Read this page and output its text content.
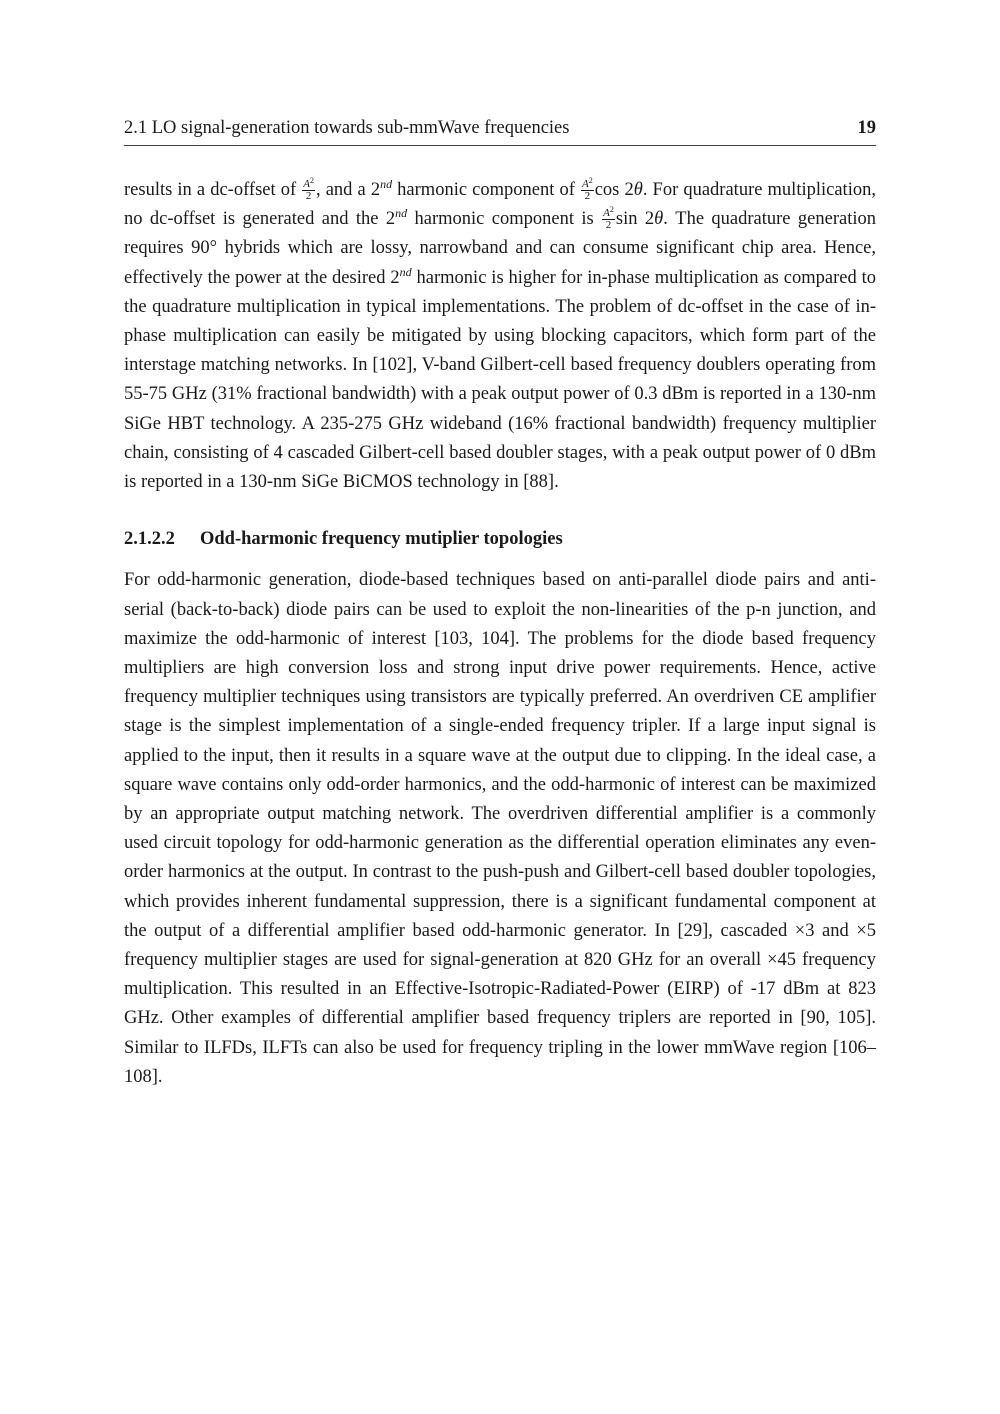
2.1 LO signal-generation towards sub-mmWave frequencies	19

results in a dc-offset of $\frac{A^2}{2}$ , and a 2nd harmonic component of $\frac{A^2}{2}$ cos 2θ. For quadrature multiplication, no dc-offset is generated and the 2nd harmonic component is $\frac{A^2}{2}$ sin 2θ. The quadrature generation requires 90° hybrids which are lossy, narrowband and can consume significant chip area. Hence, effectively the power at the desired 2nd harmonic is higher for in-phase multiplication as compared to the quadrature multiplication in typical implementations. The problem of dc-offset in the case of in-phase multiplication can easily be mitigated by using blocking capacitors, which form part of the interstage matching networks. In [102], V-band Gilbert-cell based frequency doublers operating from 55-75 GHz (31% fractional bandwidth) with a peak output power of 0.3 dBm is reported in a 130-nm SiGe HBT technology. A 235-275 GHz wideband (16% fractional bandwidth) frequency multiplier chain, consisting of 4 cascaded Gilbert-cell based doubler stages, with a peak output power of 0 dBm is reported in a 130-nm SiGe BiCMOS technology in [88].

2.1.2.2 Odd-harmonic frequency mutiplier topologies

For odd-harmonic generation, diode-based techniques based on anti-parallel diode pairs and anti-serial (back-to-back) diode pairs can be used to exploit the non-linearities of the p-n junction, and maximize the odd-harmonic of interest [103, 104]. The problems for the diode based frequency multipliers are high conversion loss and strong input drive power requirements. Hence, active frequency multiplier techniques using transistors are typically preferred. An overdriven CE amplifier stage is the simplest implementation of a single-ended frequency tripler. If a large input signal is applied to the input, then it results in a square wave at the output due to clipping. In the ideal case, a square wave contains only odd-order harmonics, and the odd-harmonic of interest can be maximized by an appropriate output matching network. The overdriven differential amplifier is a commonly used circuit topology for odd-harmonic generation as the differential operation eliminates any even-order harmonics at the output. In contrast to the push-push and Gilbert-cell based doubler topologies, which provides inherent fundamental suppression, there is a significant fundamental component at the output of a differential amplifier based odd-harmonic generator. In [29], cascaded ×3 and ×5 frequency multiplier stages are used for signal-generation at 820 GHz for an overall ×45 frequency multiplication. This resulted in an Effective-Isotropic-Radiated-Power (EIRP) of -17 dBm at 823 GHz. Other examples of differential amplifier based frequency triplers are reported in [90, 105]. Similar to ILFDs, ILFTs can also be used for frequency tripling in the lower mmWave region [106–108].
